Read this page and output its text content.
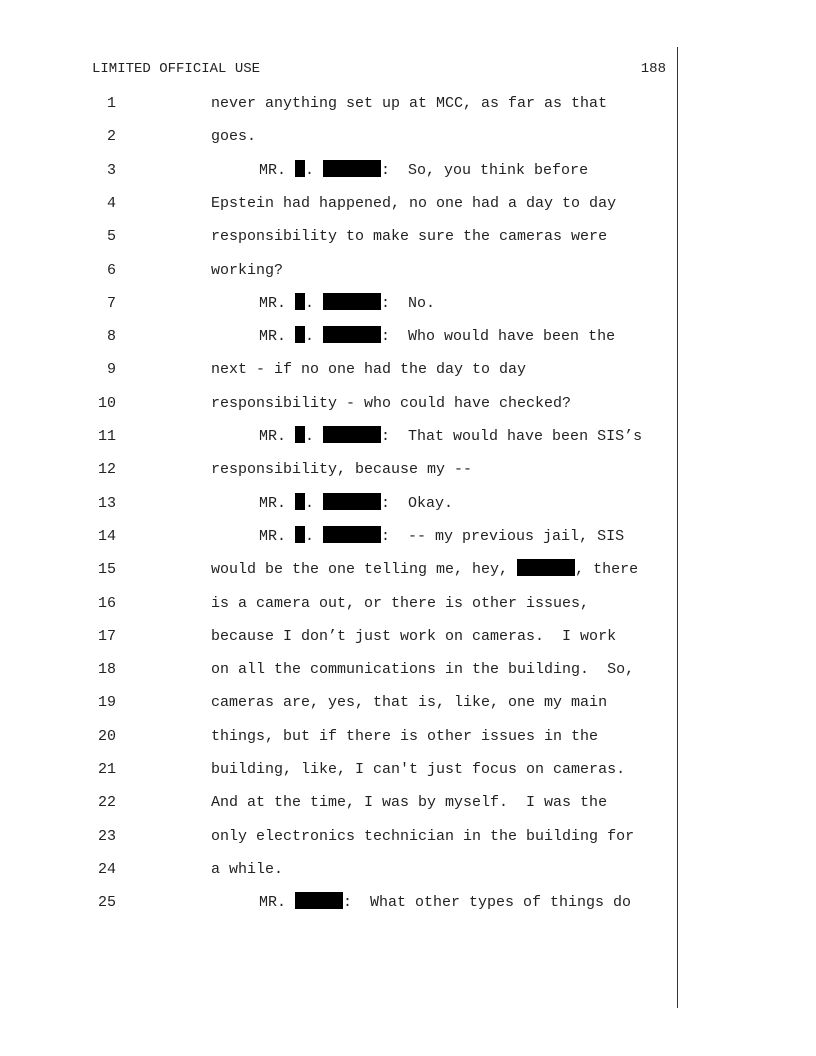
LIMITED OFFICIAL USE	188
1	never anything set up at MCC, as far as that
2	goes.
3	MR. .	:  So, you think before
4	Epstein had happened, no one had a day to day
5	responsibility to make sure the cameras were
6	working?
7	MR. .	:  No.
8	MR. .	:  Who would have been the
9	next - if no one had the day to day
10	responsibility - who could have checked?
11	MR. .	:  That would have been SIS’s
12	responsibility, because my --
13	MR. .	:  Okay.
14	MR. .	:  -- my previous jail, SIS
15	would be the one telling me, hey,	, there
16	is a camera out, or there is other issues,
17	because I don’t just work on cameras.  I work
18	on all the communications in the building.  So,
19	cameras are, yes, that is, like, one my main
20	things, but if there is other issues in the
21	building, like, I can't just focus on cameras.
22	And at the time, I was by myself.  I was the
23	only electronics technician in the building for
24	a while.
25	MR.	:  What other types of things do
